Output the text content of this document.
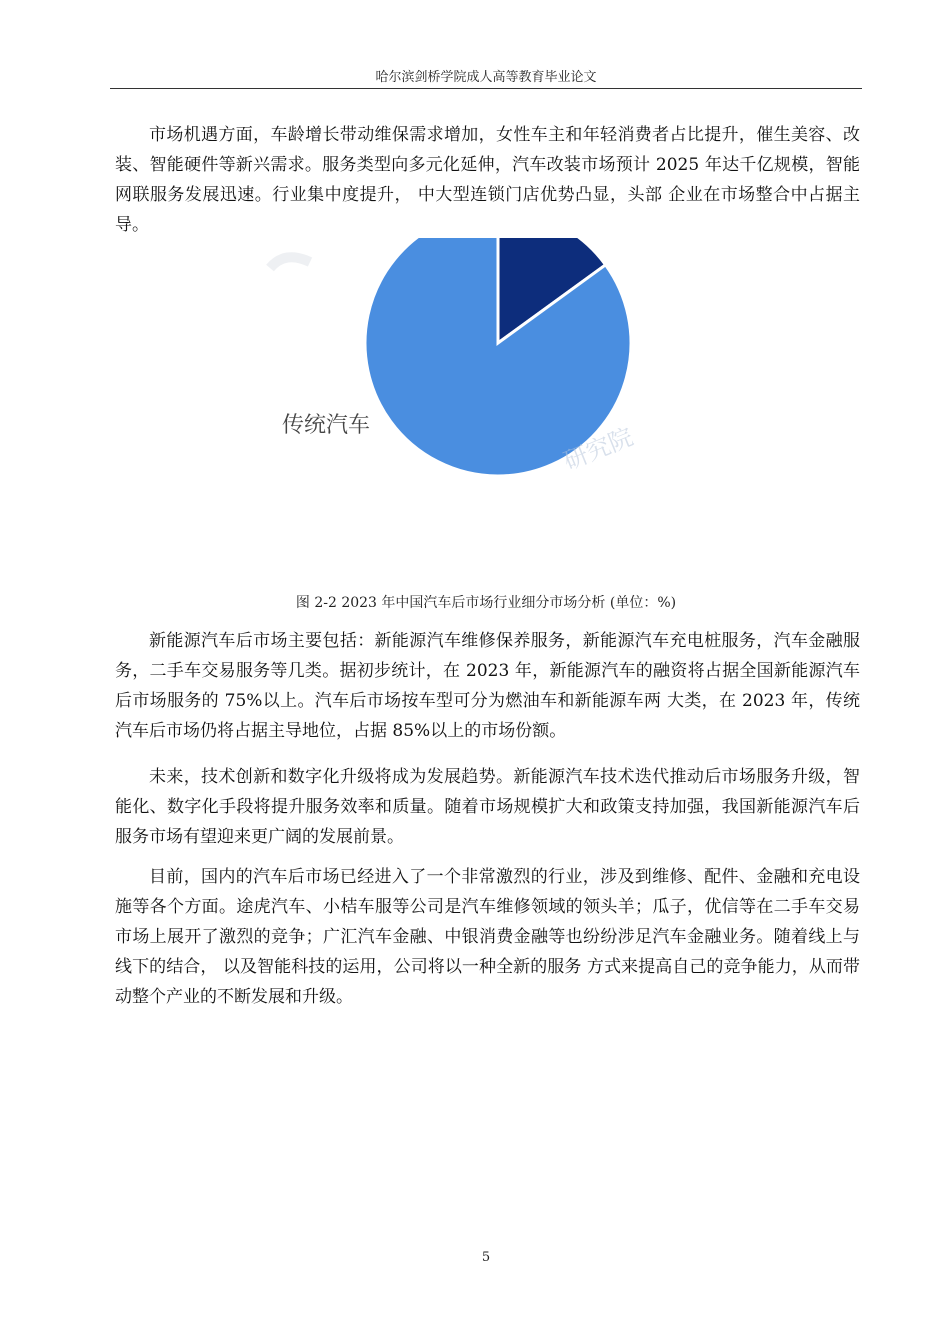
哈尔滨剑桥学院成人高等教育毕业论文

市场机遇方面，车龄增长带动维保需求增加，女性车主和年轻消费者占比提升，催生美容、改装、智能硬件等新兴需求。服务类型向多元化延伸，汽车改装市场预计 2025 年达千亿规模，智能网联服务发展迅速。行业集中度提升， 中大型连锁门店优势凸显，头部 企业在市场整合中占据主导。

传统汽车	研究院
图 2-2 2023 年中国汽车后市场行业细分市场分析 (单位：%)

新能源汽车后市场主要包括：新能源汽车维修保养服务，新能源汽车充电桩服务，汽车金融服务，二手车交易服务等几类。据初步统计，在 2023 年，新能源汽车的融资将占据全国新能源汽车后市场服务的 75%以上。汽车后市场按车型可分为燃油车和新能源车两 大类，在 2023 年，传统汽车后市场仍将占据主导地位，占据 85%以上的市场份额。

未来，技术创新和数字化升级将成为发展趋势。新能源汽车技术迭代推动后市场服务升级，智能化、数字化手段将提升服务效率和质量。随着市场规模扩大和政策支持加强，我国新能源汽车后服务市场有望迎来更广阔的发展前景。

目前，国内的汽车后市场已经进入了一个非常激烈的行业，涉及到维修、配件、金融和充电设施等各个方面。途虎汽车、小桔车服等公司是汽车维修领域的领头羊；瓜子，优信等在二手车交易市场上展开了激烈的竞争；广汇汽车金融、中银消费金融等也纷纷涉足汽车金融业务。随着线上与线下的结合， 以及智能科技的运用，公司将以一种全新的服务 方式来提高自己的竞争能力，从而带动整个产业的不断发展和升级。

5
